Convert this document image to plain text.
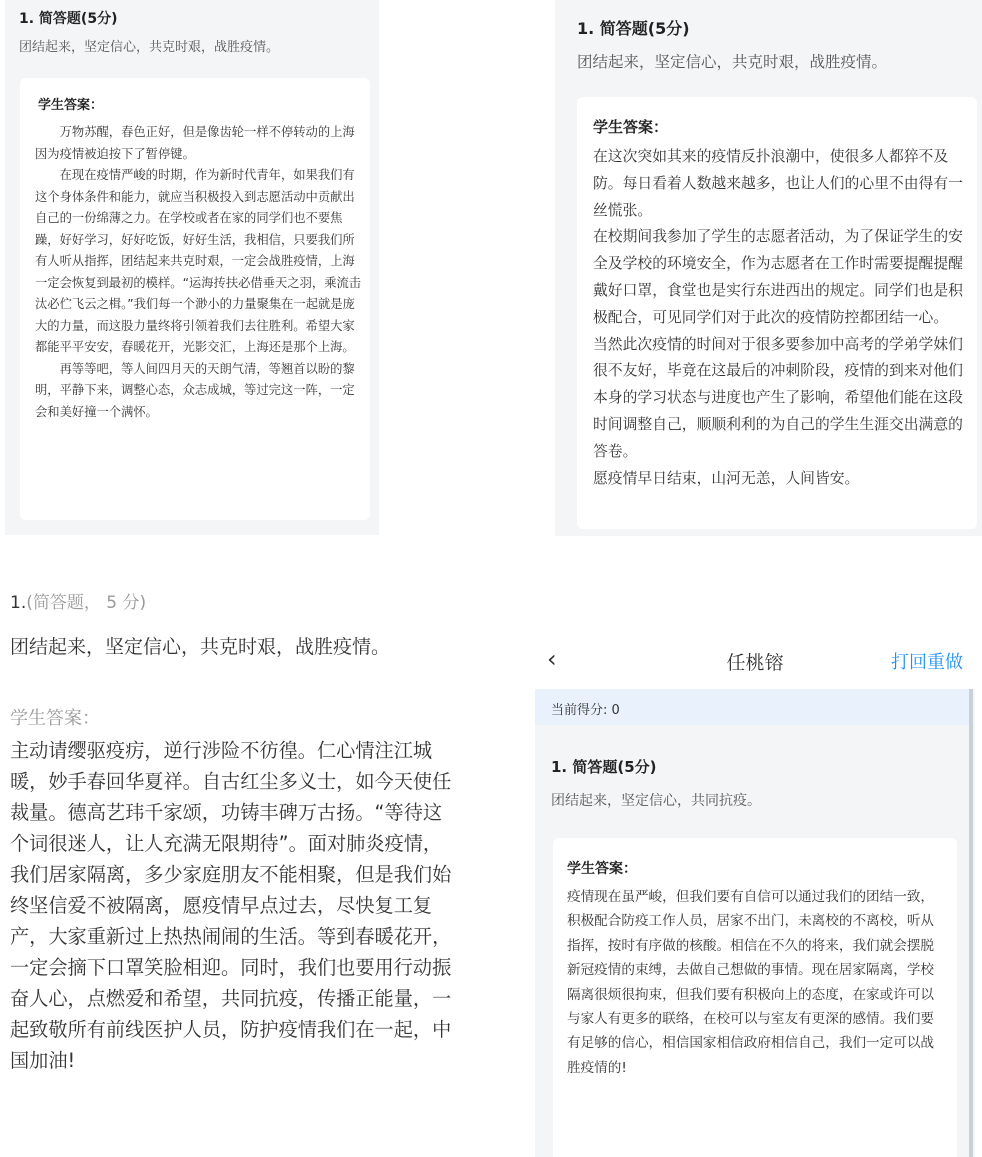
1. 简答题(5分)
团结起来，坚定信心，共克时艰，战胜疫情。
学生答案：

万物苏醒，春色正好，但是像齿轮一样不停转动的上海因为疫情被迫按下了暂停键。

在现在疫情严峻的时期，作为新时代青年，如果我们有这个身体条件和能力，就应当积极投入到志愿活动中贡献出自己的一份绵薄之力。在学校或者在家的同学们也不要焦躁，好好学习，好好吃饭，好好生活，我相信，只要我们所有人听从指挥，团结起来共克时艰，一定会战胜疫情，上海一定会恢复到最初的模样。“运海抟扶必借垂天之羽，乘流击汰必伫飞云之楫。”我们每一个渺小的力量聚集在一起就是庞大的力量，而这股力量终将引领着我们去往胜利。希望大家都能平平安安，春暖花开，光影交汇，上海还是那个上海。

再等等吧，等人间四月天的天朗气清，等翘首以盼的黎明，平静下来，调整心态，众志成城，等过完这一阵，一定会和美好撞一个满怀。

1. 简答题(5分)
团结起来，坚定信心，共克时艰，战胜疫情。
学生答案：

在这次突如其来的疫情反扑浪潮中，使很多人都猝不及防。每日看着人数越来越多，也让人们的心里不由得有一丝慌张。

在校期间我参加了学生的志愿者活动，为了保证学生的安全及学校的环境安全，作为志愿者在工作时需要提醒提醒戴好口罩，食堂也是实行东进西出的规定。同学们也是积极配合，可见同学们对于此次的疫情防控都团结一心。

当然此次疫情的时间对于很多要参加中高考的学弟学妹们很不友好，毕竟在这最后的冲刺阶段，疫情的到来对他们本身的学习状态与进度也产生了影响，希望他们能在这段时间调整自己，顺顺利利的为自己的学生生涯交出满意的答卷。

愿疫情早日结束，山河无恙，人间皆安。

1.(简答题， 5 分)
团结起来，坚定信心，共克时艰，战胜疫情。
学生答案：

主动请缨驱疫疠，逆行涉险不彷徨。仁心情注江城暖，妙手春回华夏祥。自古红尘多义士，如今天使任裁量。德高艺玮千家颂，功铸丰碑万古扬。“等待这个词很迷人，让人充满无限期待”。面对肺炎疫情，我们居家隔离，多少家庭朋友不能相聚，但是我们始终坚信爱不被隔离，愿疫情早点过去，尽快复工复产，大家重新过上热热闹闹的生活。等到春暖花开，一定会摘下口罩笑脸相迎。同时，我们也要用行动振奋人心，点燃爱和希望，共同抗疫，传播正能量，一起致敬所有前线医护人员，防护疫情我们在一起，中国加油!

‹	任桃镕	打回重做
当前得分: 0
1. 简答题(5分)
团结起来，坚定信心，共同抗疫。
学生答案：

疫情现在虽严峻，但我们要有自信可以通过我们的团结一致，积极配合防疫工作人员，居家不出门，未离校的不离校，听从指挥，按时有序做的核酸。相信在不久的将来，我们就会摆脱新冠疫情的束缚，去做自己想做的事情。现在居家隔离，学校隔离很烦很拘束，但我们要有积极向上的态度，在家或许可以与家人有更多的联络，在校可以与室友有更深的感情。我们要有足够的信心，相信国家相信政府相信自己，我们一定可以战胜疫情的!
